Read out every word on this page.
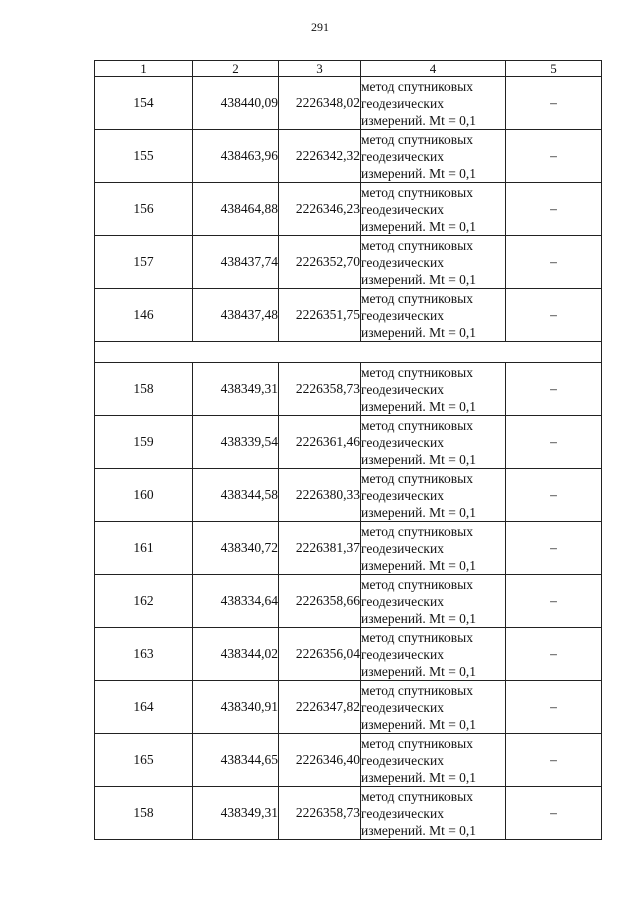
291
1	2	3	4	5
154	438440,09	2226348,02	метод спутниковых
геодезических
измерений. Mt = 0,1	–
155	438463,96	2226342,32	метод спутниковых
геодезических
измерений. Mt = 0,1	–
156	438464,88	2226346,23	метод спутниковых
геодезических
измерений. Mt = 0,1	–
157	438437,74	2226352,70	метод спутниковых
геодезических
измерений. Mt = 0,1	–
146	438437,48	2226351,75	метод спутниковых
геодезических
измерений. Mt = 0,1	–

158	438349,31	2226358,73	метод спутниковых
геодезических
измерений. Mt = 0,1	–
159	438339,54	2226361,46	метод спутниковых
геодезических
измерений. Mt = 0,1	–
160	438344,58	2226380,33	метод спутниковых
геодезических
измерений. Mt = 0,1	–
161	438340,72	2226381,37	метод спутниковых
геодезических
измерений. Mt = 0,1	–
162	438334,64	2226358,66	метод спутниковых
геодезических
измерений. Mt = 0,1	–
163	438344,02	2226356,04	метод спутниковых
геодезических
измерений. Mt = 0,1	–
164	438340,91	2226347,82	метод спутниковых
геодезических
измерений. Mt = 0,1	–
165	438344,65	2226346,40	метод спутниковых
геодезических
измерений. Mt = 0,1	–
158	438349,31	2226358,73	метод спутниковых
геодезических
измерений. Mt = 0,1	–
